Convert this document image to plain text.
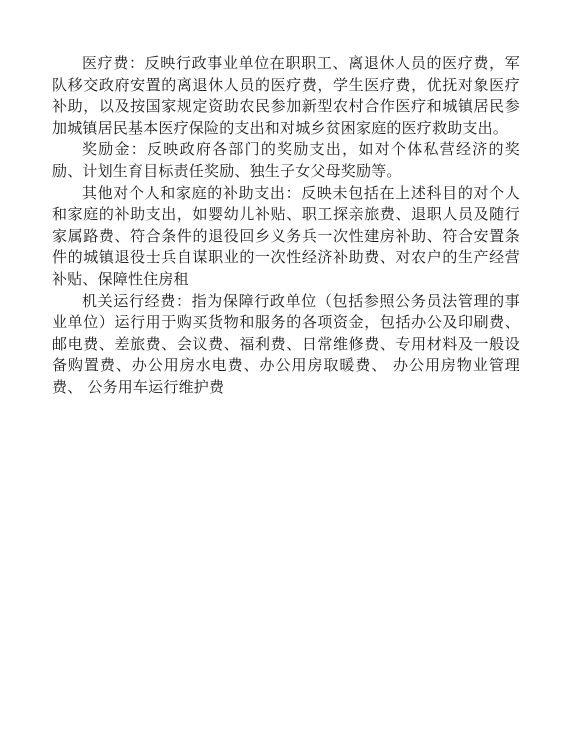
医疗费：反映行政事业单位在职职工、离退休人员的医疗费，军队移交政府安置的离退休人员的医疗费，学生医疗费，优抚对象医疗补助，以及按国家规定资助农民参加新型农村合作医疗和城镇居民参加城镇居民基本医疗保险的支出和对城乡贫困家庭的医疗救助支出。

奖励金：反映政府各部门的奖励支出，如对个体私营经济的奖励、计划生育目标责任奖励、独生子女父母奖励等。

其他对个人和家庭的补助支出：反映未包括在上述科目的对个人和家庭的补助支出，如婴幼儿补贴、职工探亲旅费、退职人员及随行家属路费、符合条件的退役回乡义务兵一次性建房补助、符合安置条件的城镇退役士兵自谋职业的一次性经济补助费、对农户的生产经营补贴、保障性住房租

机关运行经费：指为保障行政单位（包括参照公务员法管理的事业单位）运行用于购买货物和服务的各项资金，包括办公及印刷费、邮电费、差旅费、会议费、福利费、日常维修费、专用材料及一般设备购置费、办公用房水电费、办公用房取暖费、 办公用房物业管理费、 公务用车运行维护费
